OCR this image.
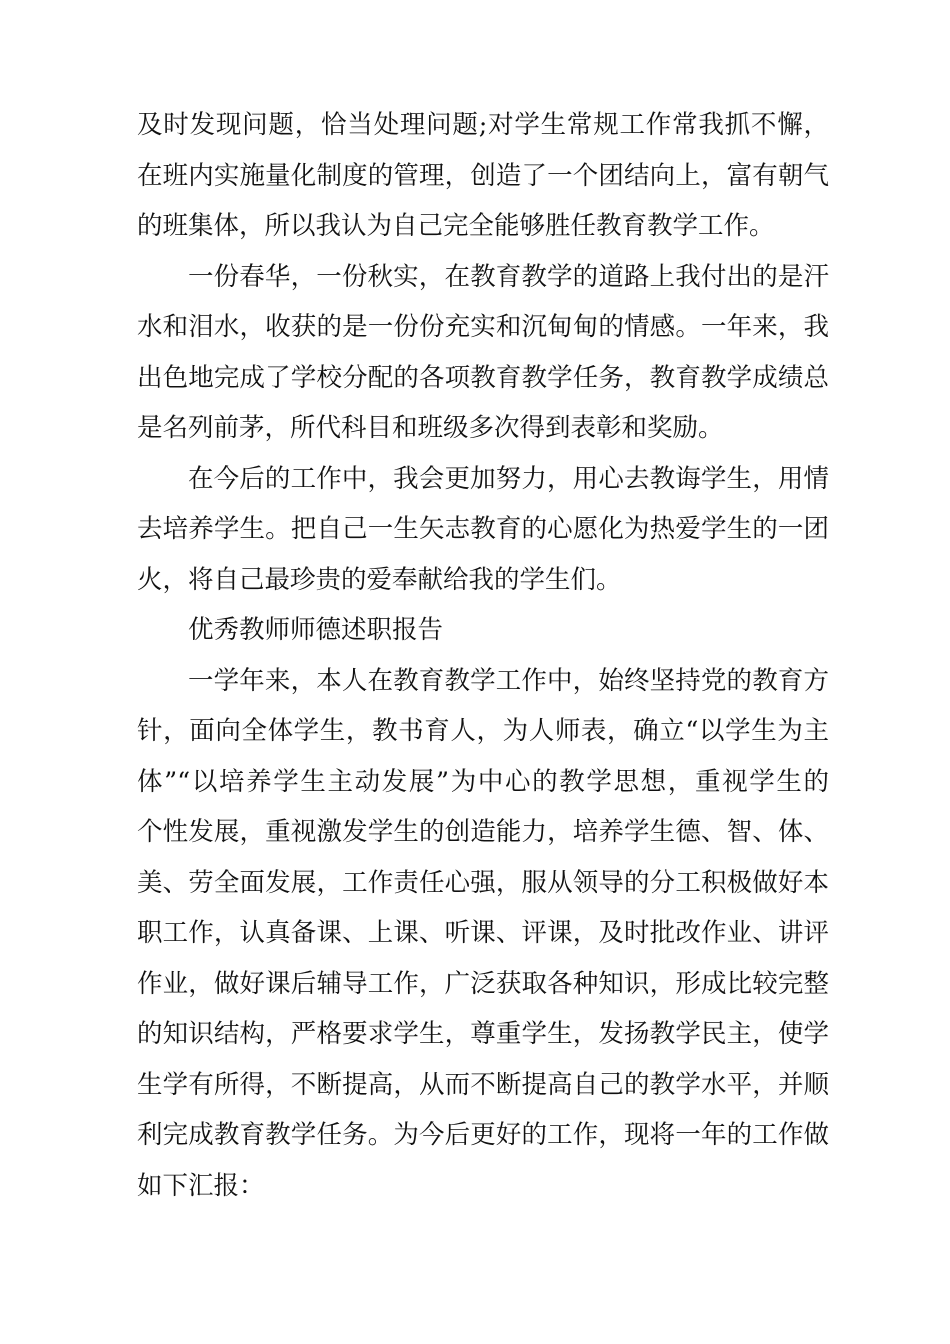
及时发现问题，恰当处理问题;对学生常规工作常我抓不懈，
在班内实施量化制度的管理，创造了一个团结向上，富有朝气
的班集体，所以我认为自己完全能够胜任教育教学工作。

一份春华，一份秋实，在教育教学的道路上我付出的是汗
水和泪水，收获的是一份份充实和沉甸甸的情感。一年来，我
出色地完成了学校分配的各项教育教学任务，教育教学成绩总
是名列前茅，所代科目和班级多次得到表彰和奖励。

在今后的工作中，我会更加努力，用心去教诲学生，用情
去培养学生。把自己一生矢志教育的心愿化为热爱学生的一团
火，将自己最珍贵的爱奉献给我的学生们。

优秀教师师德述职报告

一学年来，本人在教育教学工作中，始终坚持党的教育方
针，面向全体学生，教书育人，为人师表，确立“以学生为主
体”“以培养学生主动发展”为中心的教学思想，重视学生的
个性发展，重视激发学生的创造能力，培养学生德、智、体、
美、劳全面发展，工作责任心强，服从领导的分工积极做好本
职工作，认真备课、上课、听课、评课，及时批改作业、讲评
作业，做好课后辅导工作，广泛获取各种知识，形成比较完整
的知识结构，严格要求学生，尊重学生，发扬教学民主，使学
生学有所得，不断提高，从而不断提高自己的教学水平，并顺
利完成教育教学任务。为今后更好的工作，现将一年的工作做
如下汇报：
